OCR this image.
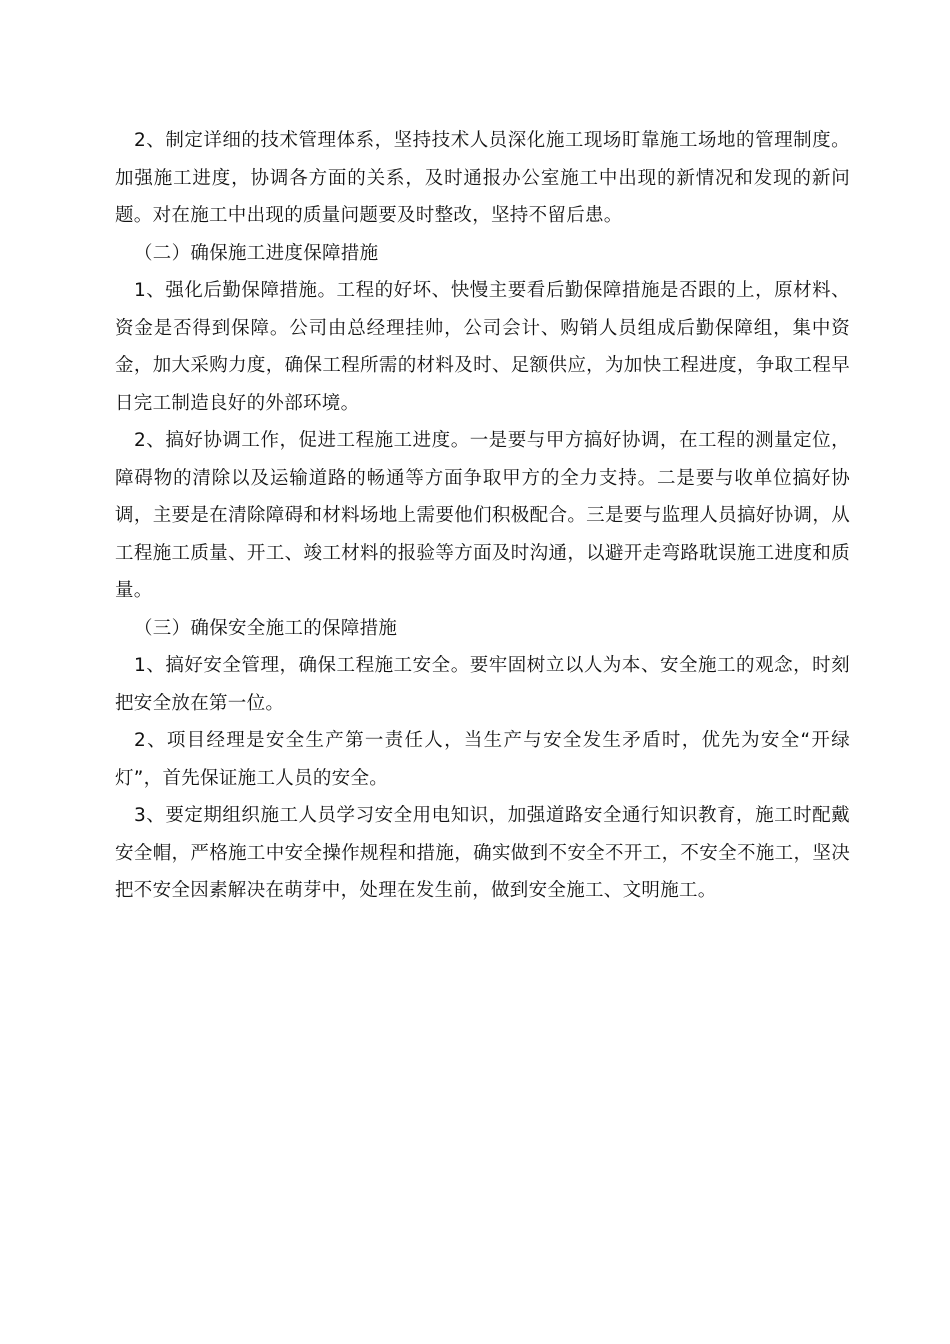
2、制定详细的技术管理体系，坚持技术人员深化施工现场盯靠施工场地的管理制度。加强施工进度，协调各方面的关系，及时通报办公室施工中出现的新情况和发现的新问题。对在施工中出现的质量问题要及时整改，坚持不留后患。

（二）确保施工进度保障措施

1、强化后勤保障措施。工程的好坏、快慢主要看后勤保障措施是否跟的上，原材料、资金是否得到保障。公司由总经理挂帅，公司会计、购销人员组成后勤保障组，集中资金，加大采购力度，确保工程所需的材料及时、足额供应，为加快工程进度，争取工程早日完工制造良好的外部环境。

2、搞好协调工作，促进工程施工进度。一是要与甲方搞好协调，在工程的测量定位，障碍物的清除以及运输道路的畅通等方面争取甲方的全力支持。二是要与收单位搞好协调，主要是在清除障碍和材料场地上需要他们积极配合。三是要与监理人员搞好协调，从工程施工质量、开工、竣工材料的报验等方面及时沟通，以避开走弯路耽误施工进度和质量。

（三）确保安全施工的保障措施

1、搞好安全管理，确保工程施工安全。要牢固树立以人为本、安全施工的观念，时刻把安全放在第一位。

2、项目经理是安全生产第一责任人，当生产与安全发生矛盾时，优先为安全“开绿灯”，首先保证施工人员的安全。

3、要定期组织施工人员学习安全用电知识，加强道路安全通行知识教育，施工时配戴安全帽，严格施工中安全操作规程和措施，确实做到不安全不开工，不安全不施工，坚决把不安全因素解决在萌芽中，处理在发生前，做到安全施工、文明施工。
